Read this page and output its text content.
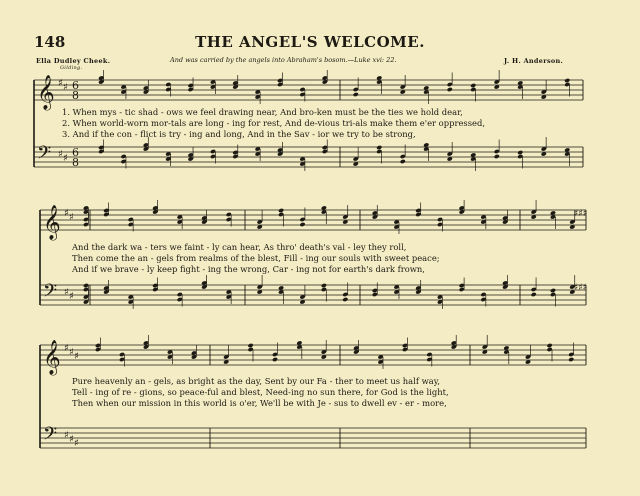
148	THE ANGEL'S WELCOME.
Ella Dudley Cheek.
Gilding.
And was carried by the angels into Abraham's bosom.—Luke xvi: 22.	J. H. Anderson.
𝄞
𝄢
♯
♯
♯
♯
6
8
6
8
𝄞
𝄢
♯
♯
♯
♯
𝄞
𝄢
♯
♯
♯
♯
♯
♯
♯♯♯
♯♯♯
1. When mys - tic shad - ows we feel drawing near, And bro-ken must be the ties we hold dear,
2. When world-worn mor-tals are long - ing for rest, And de-vious tri-als make them e'er oppressed,
3. And if the con - flict is try - ing and long, And in the Sav - ior we try to be strong,
And the dark wa - ters we faint - ly can hear, As thro' death's val - ley they roll,
Then come the an - gels from realms of the blest, Fill - ing our souls with sweet peace;
And if we brave - ly keep fight - ing the wrong, Car - ing not for earth's dark frown,
Pure heavenly an - gels, as bright as the day, Sent by our Fa - ther to meet us half way,
Tell - ing of re - gions, so peace-ful and blest, Need-ing no sun there, for God is the light,
Then when our mission in this world is o'er, We'll be with Je - sus to dwell ev - er - more,
